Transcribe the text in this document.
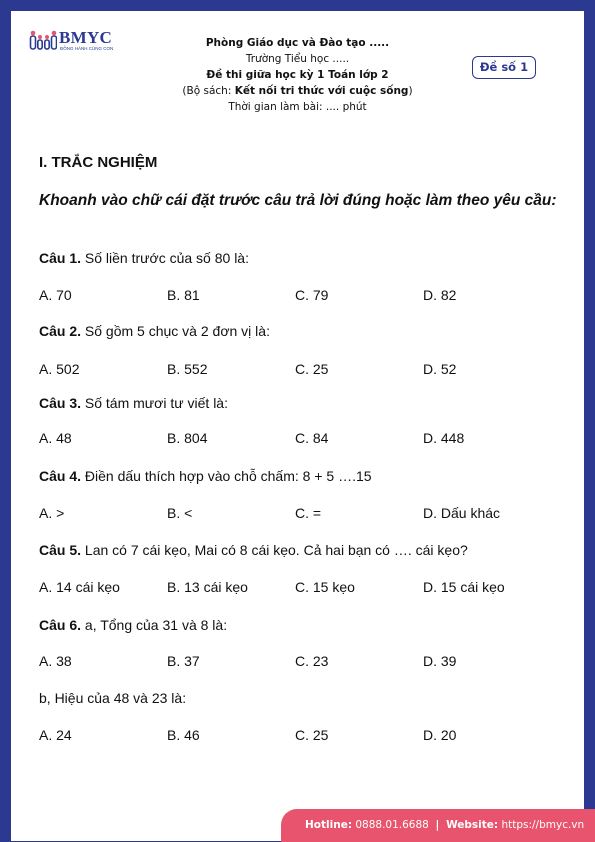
BMYC
ĐỒNG HÀNH CÙNG CON	Phòng Giáo dục và Đào tạo .....
Trường Tiểu học .....
Đề thi giữa học kỳ 1 Toán lớp 2
(Bộ sách: Kết nối tri thức với cuộc sống)
Thời gian làm bài: .... phút
Đề số 1
I. TRẮC NGHIỆM
Khoanh vào chữ cái đặt trước câu trả lời đúng hoặc làm theo yêu cầu:
Câu 1. Số liền trước của số 80 là:
A. 70	B. 81	C. 79	D. 82
Câu 2. Số gồm 5 chục và 2 đơn vị là:
A. 502	B. 552	C. 25	D. 52
Câu 3. Số tám mươi tư viết là:
A. 48	B. 804	C. 84	D. 448
Câu 4. Điền dấu thích hợp vào chỗ chấm: 8 + 5 ….15
A. >	B. <	C. =	D. Dấu khác
Câu 5. Lan có 7 cái kẹo, Mai có 8 cái kẹo. Cả hai bạn có …. cái kẹo?
A. 14 cái kẹo	B. 13 cái kẹo	C. 15 kẹo	D. 15 cái kẹo
Câu 6. a, Tổng của 31 và 8 là:
A. 38	B. 37	C. 23	D. 39
b, Hiệu của 48 và 23 là:
A. 24	B. 46	C. 25	D. 20
Hotline: 0888.01.6688 | Website: https://bmyc.vn
